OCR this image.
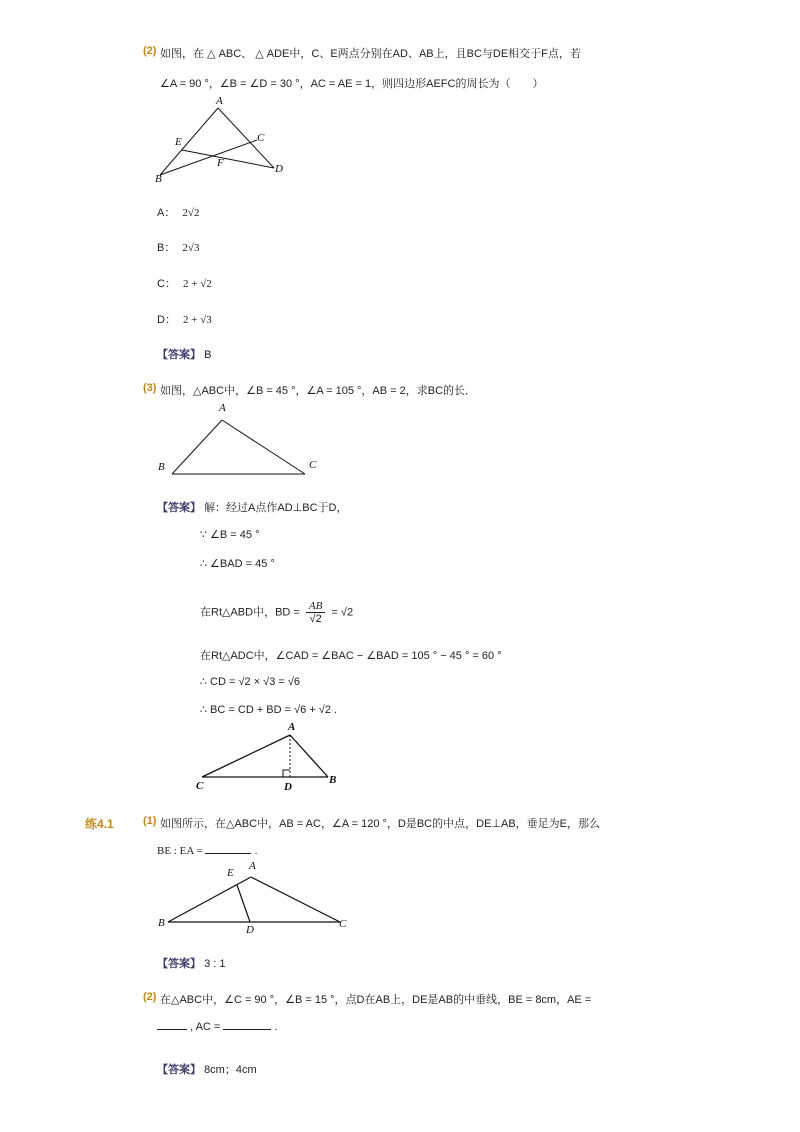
(2) 如图，在 △ ABC、 △ ADE中，C、E两点分别在AD、AB上，且BC与DE相交于F点，若
∠A = 90 °，∠B = ∠D = 30 °，AC = AE = 1，则四边形AEFC的周长为（　　）
A
E	C
F
B
D
A： 2√2
B： 2√3
C： 2 + √2
D： 2 + √3
【答案】 B
(3) 如图，△ABC中，∠B = 45 °，∠A = 105 °，AB = 2，求BC的长．
A
B	C
【答案】 解：经过A点作AD⊥BC于D，
∵ ∠B = 45 °
∴ ∠BAD = 45 °
在Rt△ABD中，BD = $\frac{AB}{√2} = √2$
在Rt△ADC中，∠CAD = ∠BAC − ∠BAD = 105 ° − 45 ° = 60 °
∴ CD = √2 × √3 = √6
∴ BC = CD + BD = √6 + √2 .
A
C	D
B
练4.1	(1) 如图所示，在△ABC中，AB = AC，∠A = 120 °，D是BC的中点，DE⊥AB，垂足为E，那么
BE : EA =	.
A
E
B
D	C
【答案】 3 : 1
(2) 在△ABC中，∠C = 90 °，∠B = 15 °，点D在AB上，DE是AB的中垂线，BE = 8cm，AE =
, AC =	.
【答案】 8cm；4cm
